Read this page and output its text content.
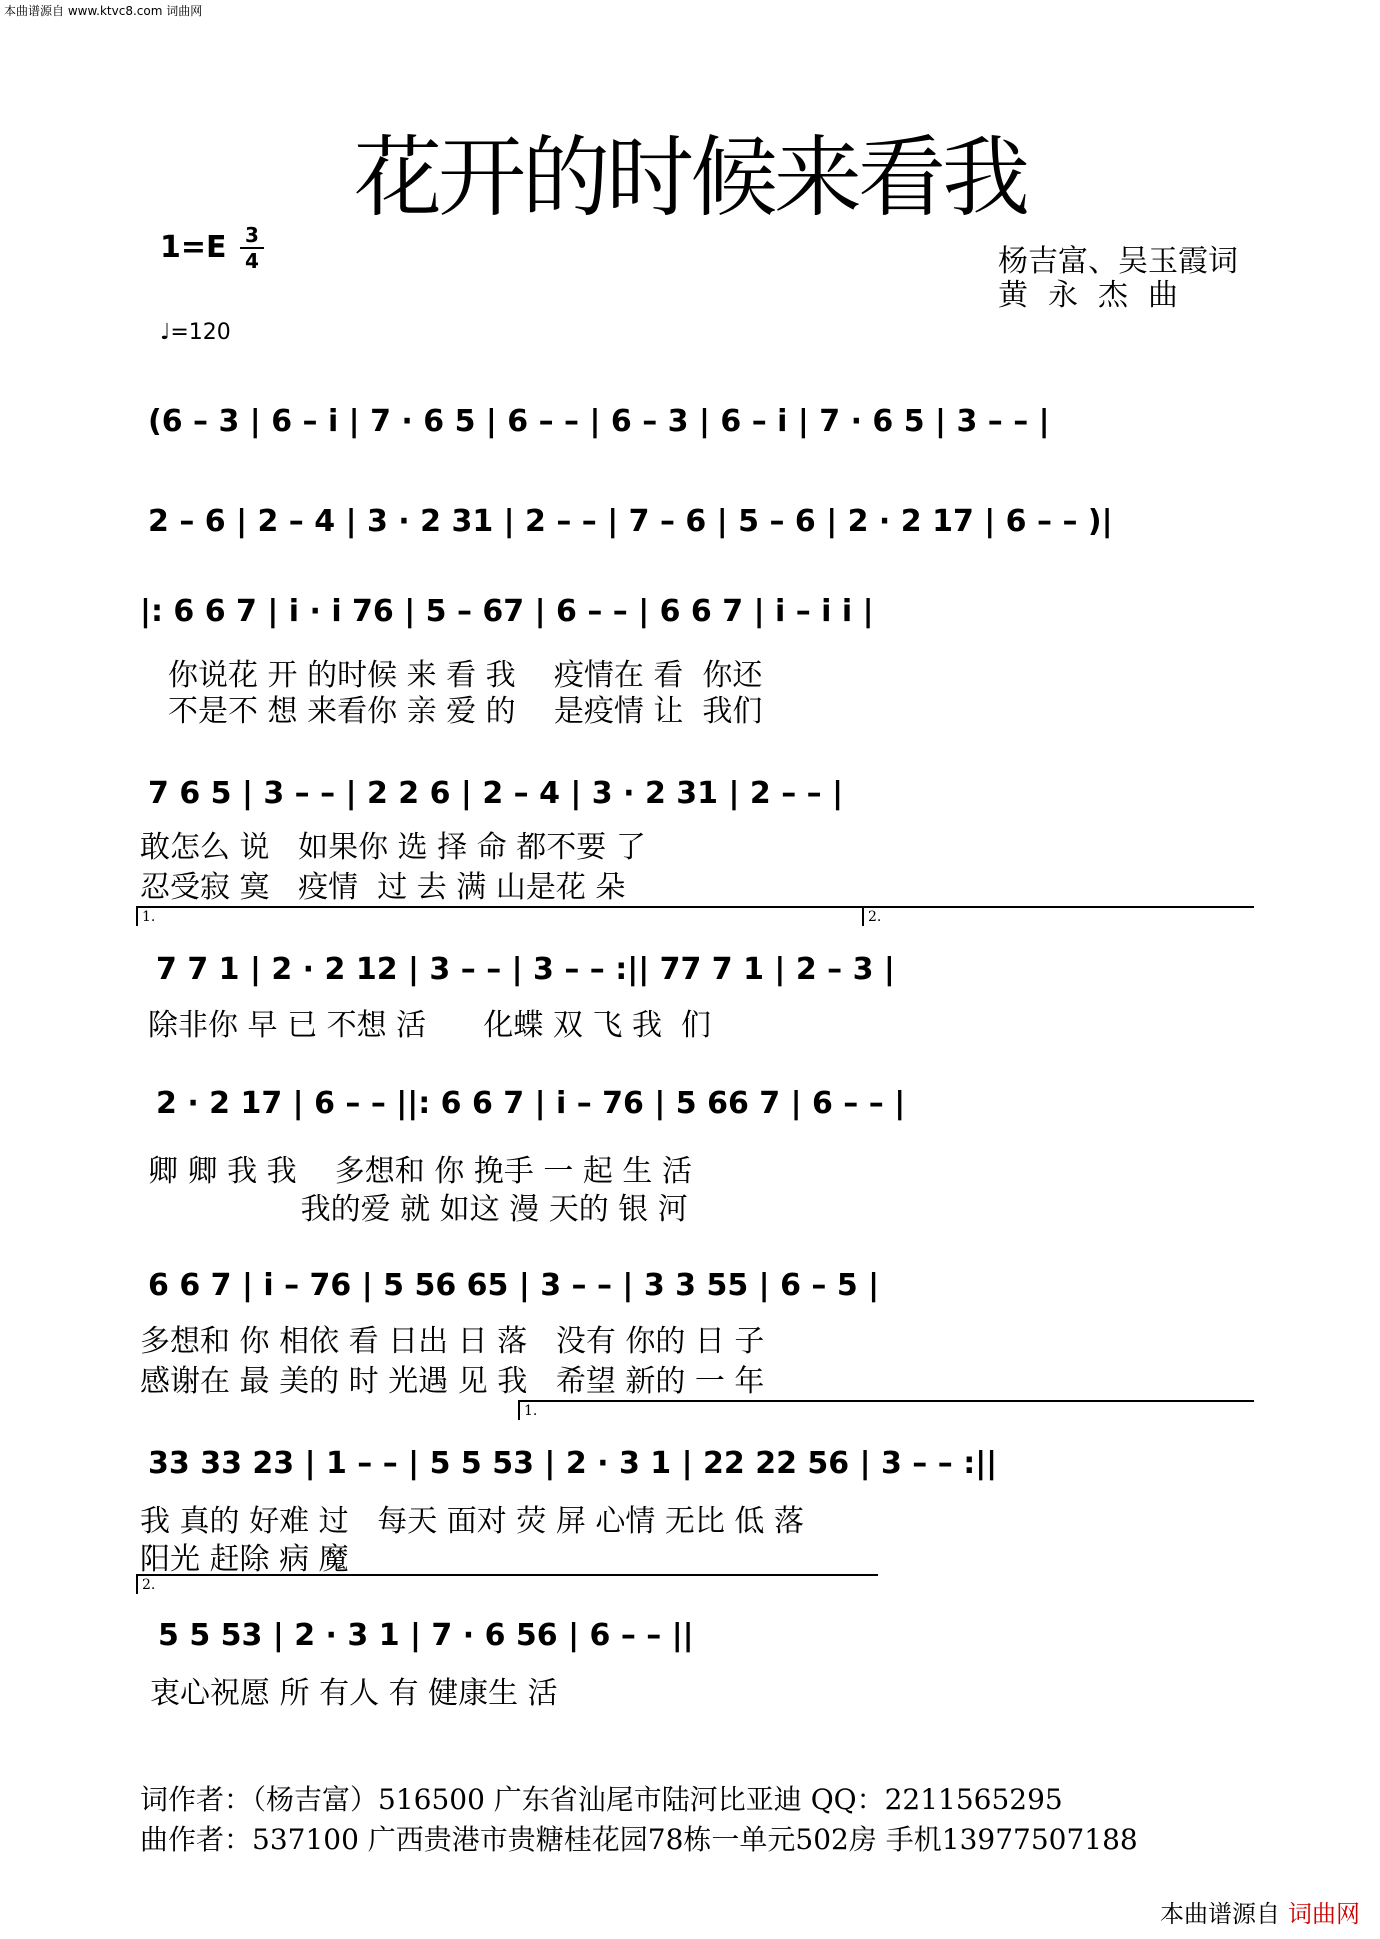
本曲谱源自 www.ktvc8.com 词曲网
花开的时候来看我
1=E 3
4
♩=120
杨吉富、吴玉霞词
黄永杰曲
(6 – 3 | 6 – i | 7 · 6 5 | 6 – – | 6 – 3 | 6 – i | 7 · 6 5 | 3 – – |
2 – 6 | 2 – 4 | 3 · 2 31 | 2 – – | 7 – 6 | 5 – 6 | 2 · 2 17 | 6 – – )|
|: 6 6 7 | i · i 76 | 5 – 67 | 6 – – | 6 6 7 | i – i i |
你说花 开 的时候 来 看 我    疫情在 看  你还
不是不 想 来看你 亲 爱 的    是疫情 让  我们
7 6 5 | 3 – – | 2 2 6 | 2 – 4 | 3 · 2 31 | 2 – – |
敢怎么 说   如果你 选 择 命 都不要 了
忍受寂 寞   疫情  过 去 满 山是花 朵
1.	2.
7 7 1 | 2 · 2 12 | 3 – – | 3 – – :|| 77 7 1 | 2 – 3 |
除非你 早 已 不想 活      化蝶 双 飞 我  们
2 · 2 17 | 6 – – ||: 6 6 7 | i – 76 | 5 66 7 | 6 – – |
卿 卿 我 我    多想和 你 挽手 一 起 生 活
我的爱 就 如这 漫 天的 银 河
6 6 7 | i – 76 | 5 56 65 | 3 – – | 3 3 55 | 6 – 5 |
多想和 你 相依 看 日出 日 落   没有 你的 日 子
感谢在 最 美的 时 光遇 见 我   希望 新的 一 年
1.
33 33 23 | 1 – – | 5 5 53 | 2 · 3 1 | 22 22 56 | 3 – – :||
我 真的 好难 过   每天 面对 荧 屏 心情 无比 低 落
阳光 赶除 病 魔
2.
5 5 53 | 2 · 3 1 | 7 · 6 56 | 6 – – ||
衷心祝愿 所 有人 有 健康生 活
词作者：（杨吉富）516500 广东省汕尾市陆河比亚迪 QQ：2211565295
曲作者：537100 广西贵港市贵糖桂花园78栋一单元502房 手机13977507188
本曲谱源自 词曲网
